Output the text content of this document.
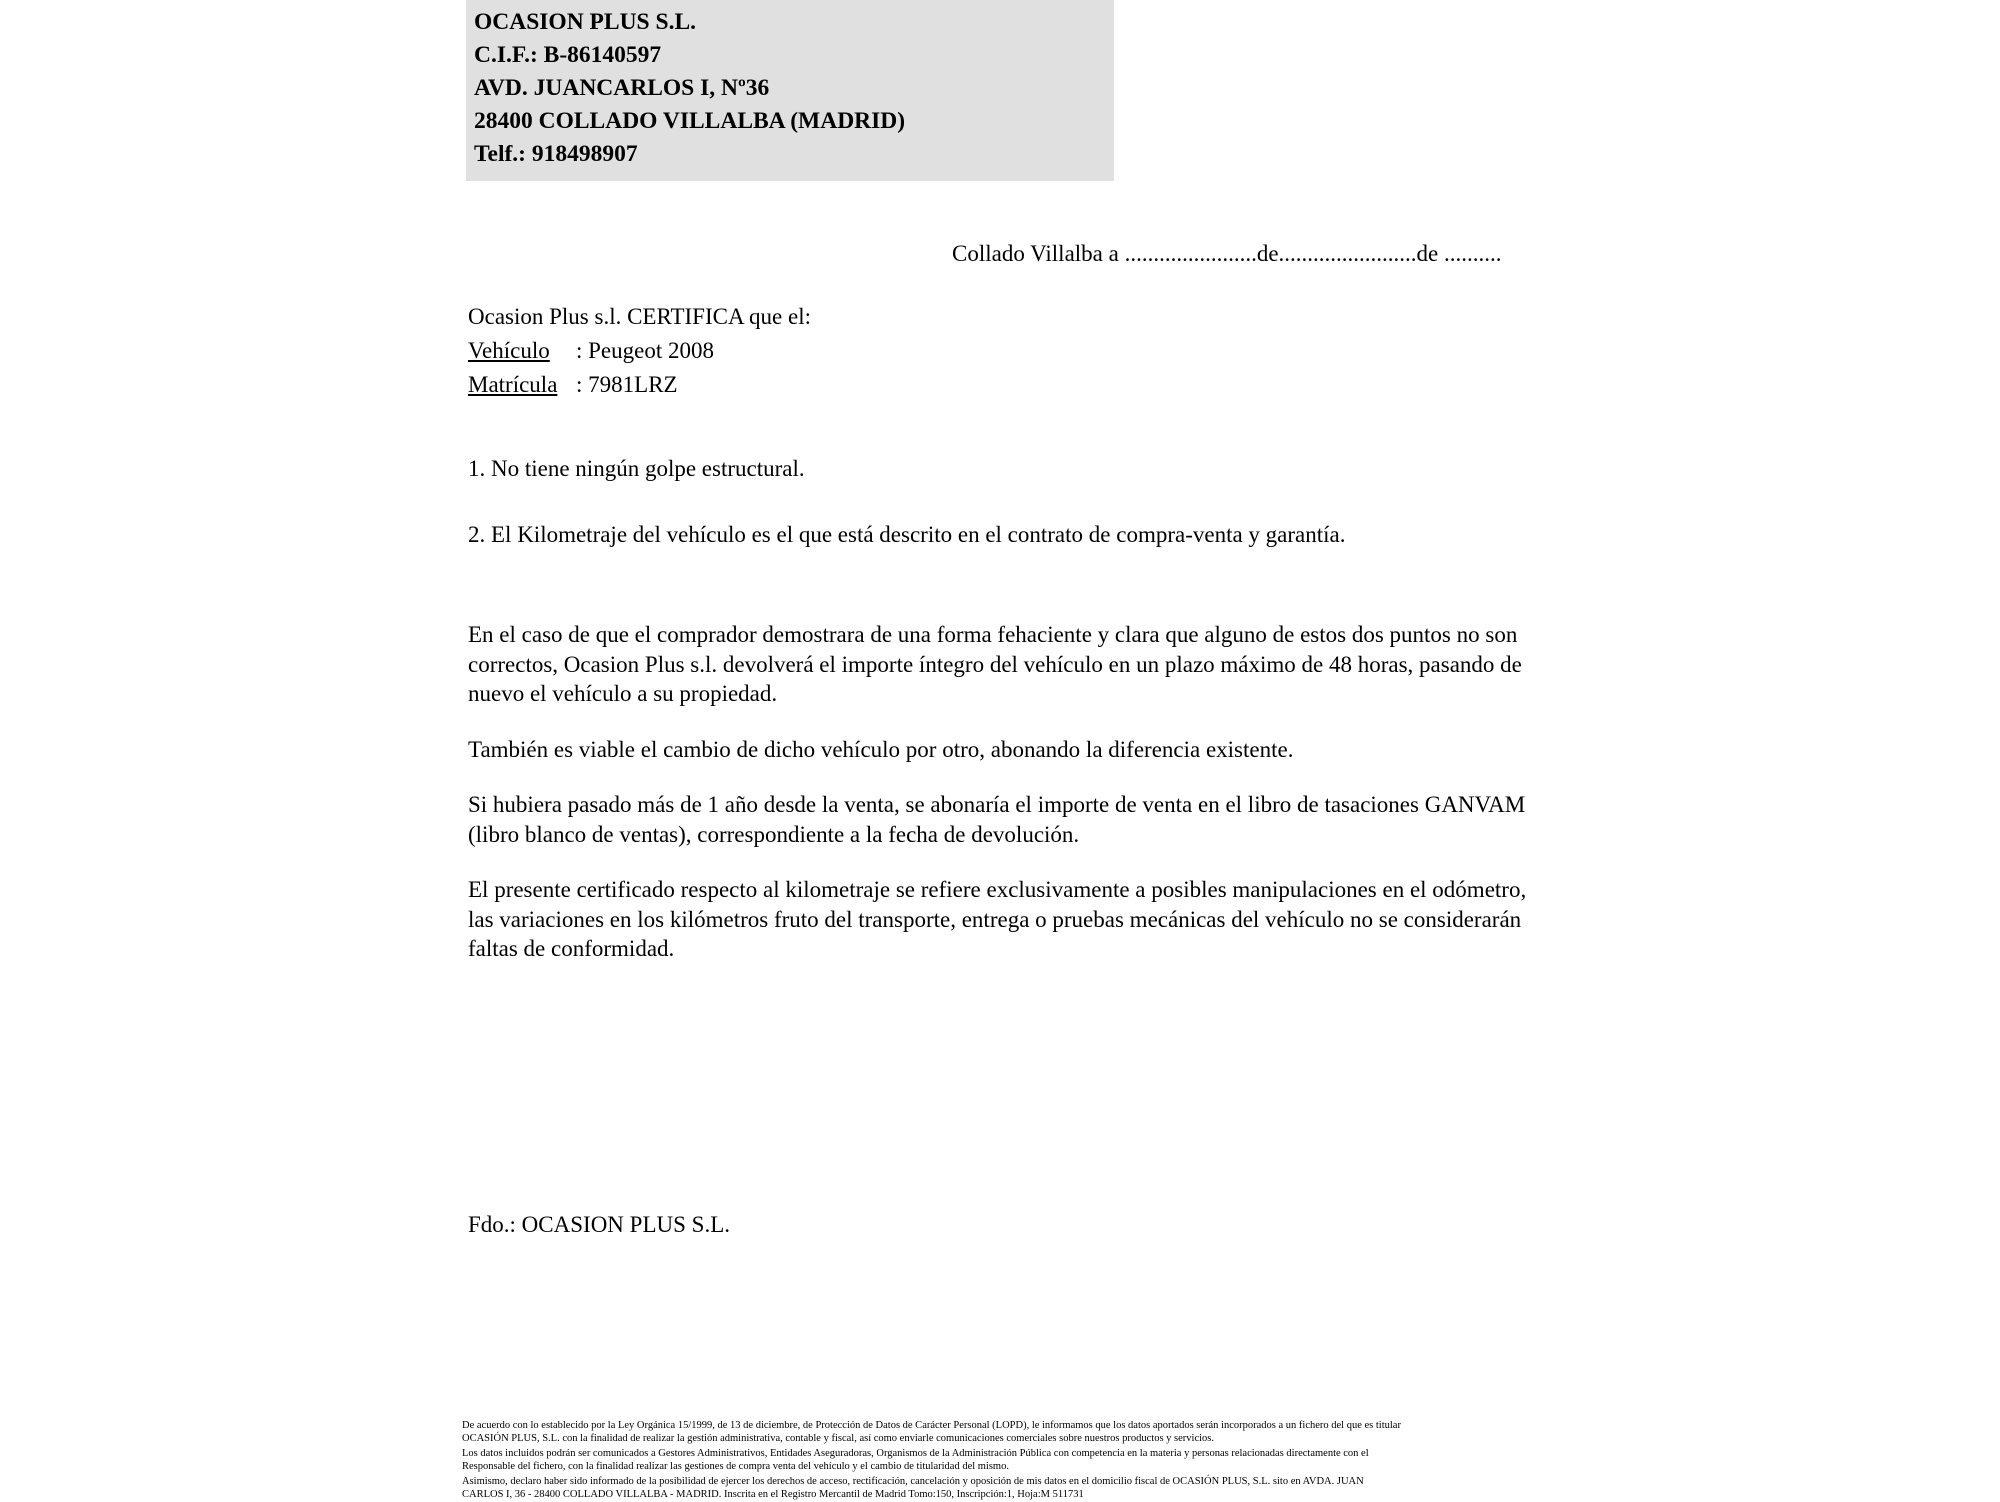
OCASION PLUS S.L.
C.I.F.: B-86140597
AVD. JUANCARLOS I, Nº36
28400 COLLADO VILLALBA (MADRID)
Telf.: 918498907
Collado Villalba a .......................de........................de ..........
Ocasion Plus s.l. CERTIFICA que el:
Vehículo : Peugeot 2008
Matrícula : 7981LRZ
1. No tiene ningún golpe estructural.
2. El Kilometraje del vehículo es el que está descrito en el contrato de compra-venta y garantía.

En el caso de que el comprador demostrara de una forma fehaciente y clara que alguno de estos dos puntos no son correctos, Ocasion Plus s.l. devolverá el importe íntegro del vehículo en un plazo máximo de 48 horas, pasando de nuevo el vehículo a su propiedad.

También es viable el cambio de dicho vehículo por otro, abonando la diferencia existente.

Si hubiera pasado más de 1 año desde la venta, se abonaría el importe de venta en el libro de tasaciones GANVAM (libro blanco de ventas), correspondiente a la fecha de devolución.

El presente certificado respecto al kilometraje se refiere exclusivamente a posibles manipulaciones en el odómetro, las variaciones en los kilómetros fruto del transporte, entrega o pruebas mecánicas del vehículo no se considerarán faltas de conformidad.

Fdo.: OCASION PLUS S.L.

De acuerdo con lo establecido por la Ley Orgánica 15/1999, de 13 de diciembre, de Protección de Datos de Carácter Personal (LOPD), le informamos que los datos aportados serán incorporados a un fichero del que es titular

OCASIÓN PLUS, S.L. con la finalidad de realizar la gestión administrativa, contable y fiscal, así como enviarle comunicaciones comerciales sobre nuestros productos y servicios.

Los datos incluidos podrán ser comunicados a Gestores Administrativos, Entidades Aseguradoras, Organismos de la Administración Pública con competencia en la materia y personas relacionadas directamente con el

Responsable del fichero, con la finalidad realizar las gestiones de compra venta del vehículo y el cambio de titularidad del mismo.

Asimismo, declaro haber sido informado de la posibilidad de ejercer los derechos de acceso, rectificación, cancelación y oposición de mis datos en el domicilio fiscal de OCASIÓN PLUS, S.L. sito en AVDA. JUAN

CARLOS I, 36 - 28400 COLLADO VILLALBA - MADRID. Inscrita en el Registro Mercantil de Madrid Tomo:150, Inscripción:1, Hoja:M 511731
